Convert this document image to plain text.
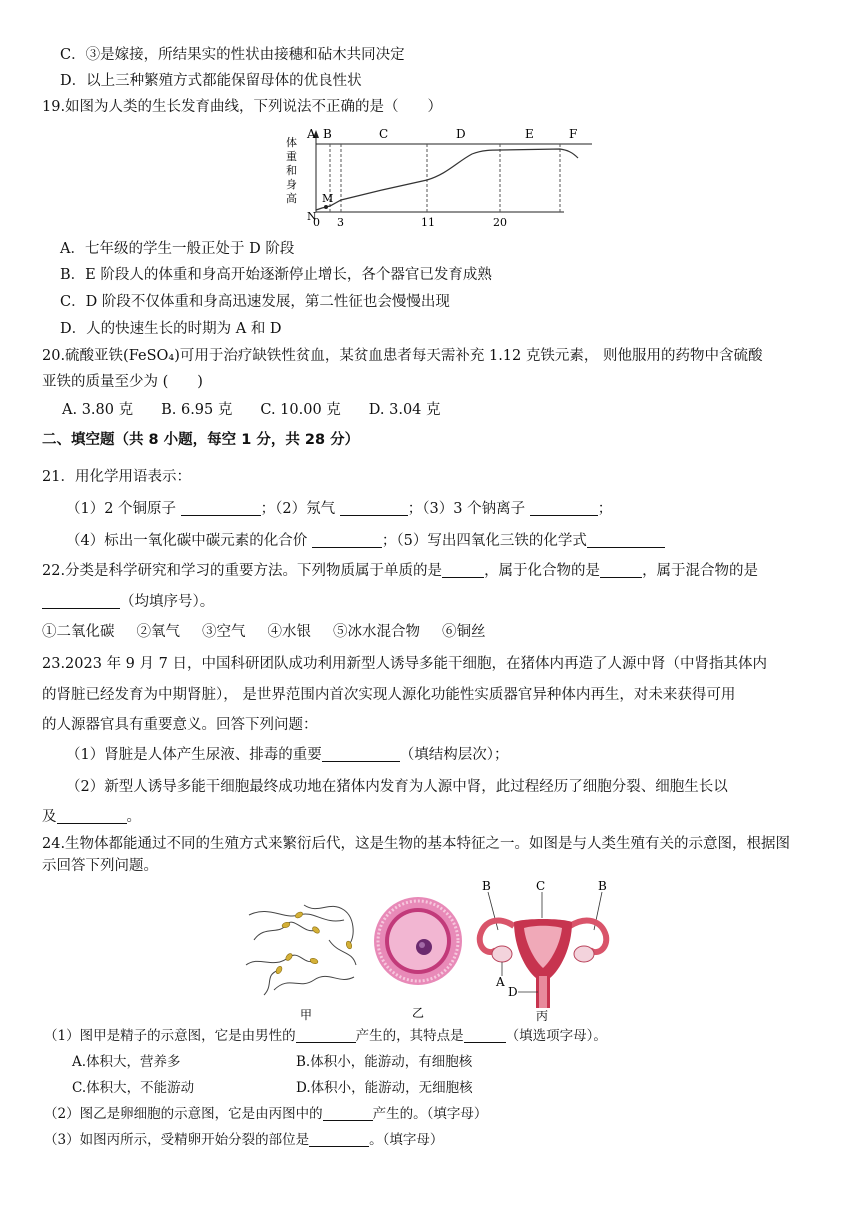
C．③是嫁接，所结果实的性状由接穗和砧木共同决定
D．以上三种繁殖方式都能保留母体的优良性状
19.如图为人类的生长发育曲线，下列说法不正确的是（　　）
A B	C	D	E	F
M
N
0 3	11	20
体
重
和
身
高
A．七年级的学生一般正处于 D 阶段
B．E 阶段人的体重和身高开始逐渐停止增长，各个器官已发育成熟
C．D 阶段不仅体重和身高迅速发展，第二性征也会慢慢出现
D．人的快速生长的时期为 A 和 D
20.硫酸亚铁(FeSO₄)可用于治疗缺铁性贫血，某贫血患者每天需补充 1.12 克铁元素， 则他服用的药物中含硫酸
亚铁的质量至少为 (　　)
A. 3.80 克 B. 6.95 克 C. 10.00 克 D. 3.04 克
二、填空题（共 8 小题，每空 1 分，共 28 分）
21．用化学用语表示：
（1）2 个铜原子	；（2）氖气	；（3）3 个钠离子	；
（4）标出一氧化碳中碳元素的化合价	；（5）写出四氧化三铁的化学式
22.分类是科学研究和学习的重要方法。下列物质属于单质的是	，属于化合物的是	，属于混合物的是
（均填序号）。
①二氧化碳 ②氧气 ③空气 ④水银 ⑤冰水混合物 ⑥铜丝
23.2023 年 9 月 7 日，中国科研团队成功利用新型人诱导多能干细胞，在猪体内再造了人源中肾（中肾指其体内
的肾脏已经发育为中期肾脏）， 是世界范围内首次实现人源化功能性实质器官异种体内再生，对未来获得可用
的人源器官具有重要意义。回答下列问题：
（1）肾脏是人体产生尿液、排毒的重要	（填结构层次）；
（2）新型人诱导多能干细胞最终成功地在猪体内发育为人源中肾，此过程经历了细胞分裂、细胞生长以
及	。
24.生物体都能通过不同的生殖方式来繁衍后代，这是生物的基本特征之一。如图是与人类生殖有关的示意图，根据图
示回答下列问题。
甲	乙
B	C	B
A
D
丙
（1）图甲是精子的示意图，它是由男性的	产生的，其特点是	（填选项字母）。
A.体积大，营养多	B.体积小，能游动，有细胞核
C.体积大，不能游动	D.体积小，能游动，无细胞核
（2）图乙是卵细胞的示意图，它是由丙图中的	产生的。（填字母）
（3）如图丙所示，受精卵开始分裂的部位是	。（填字母）
